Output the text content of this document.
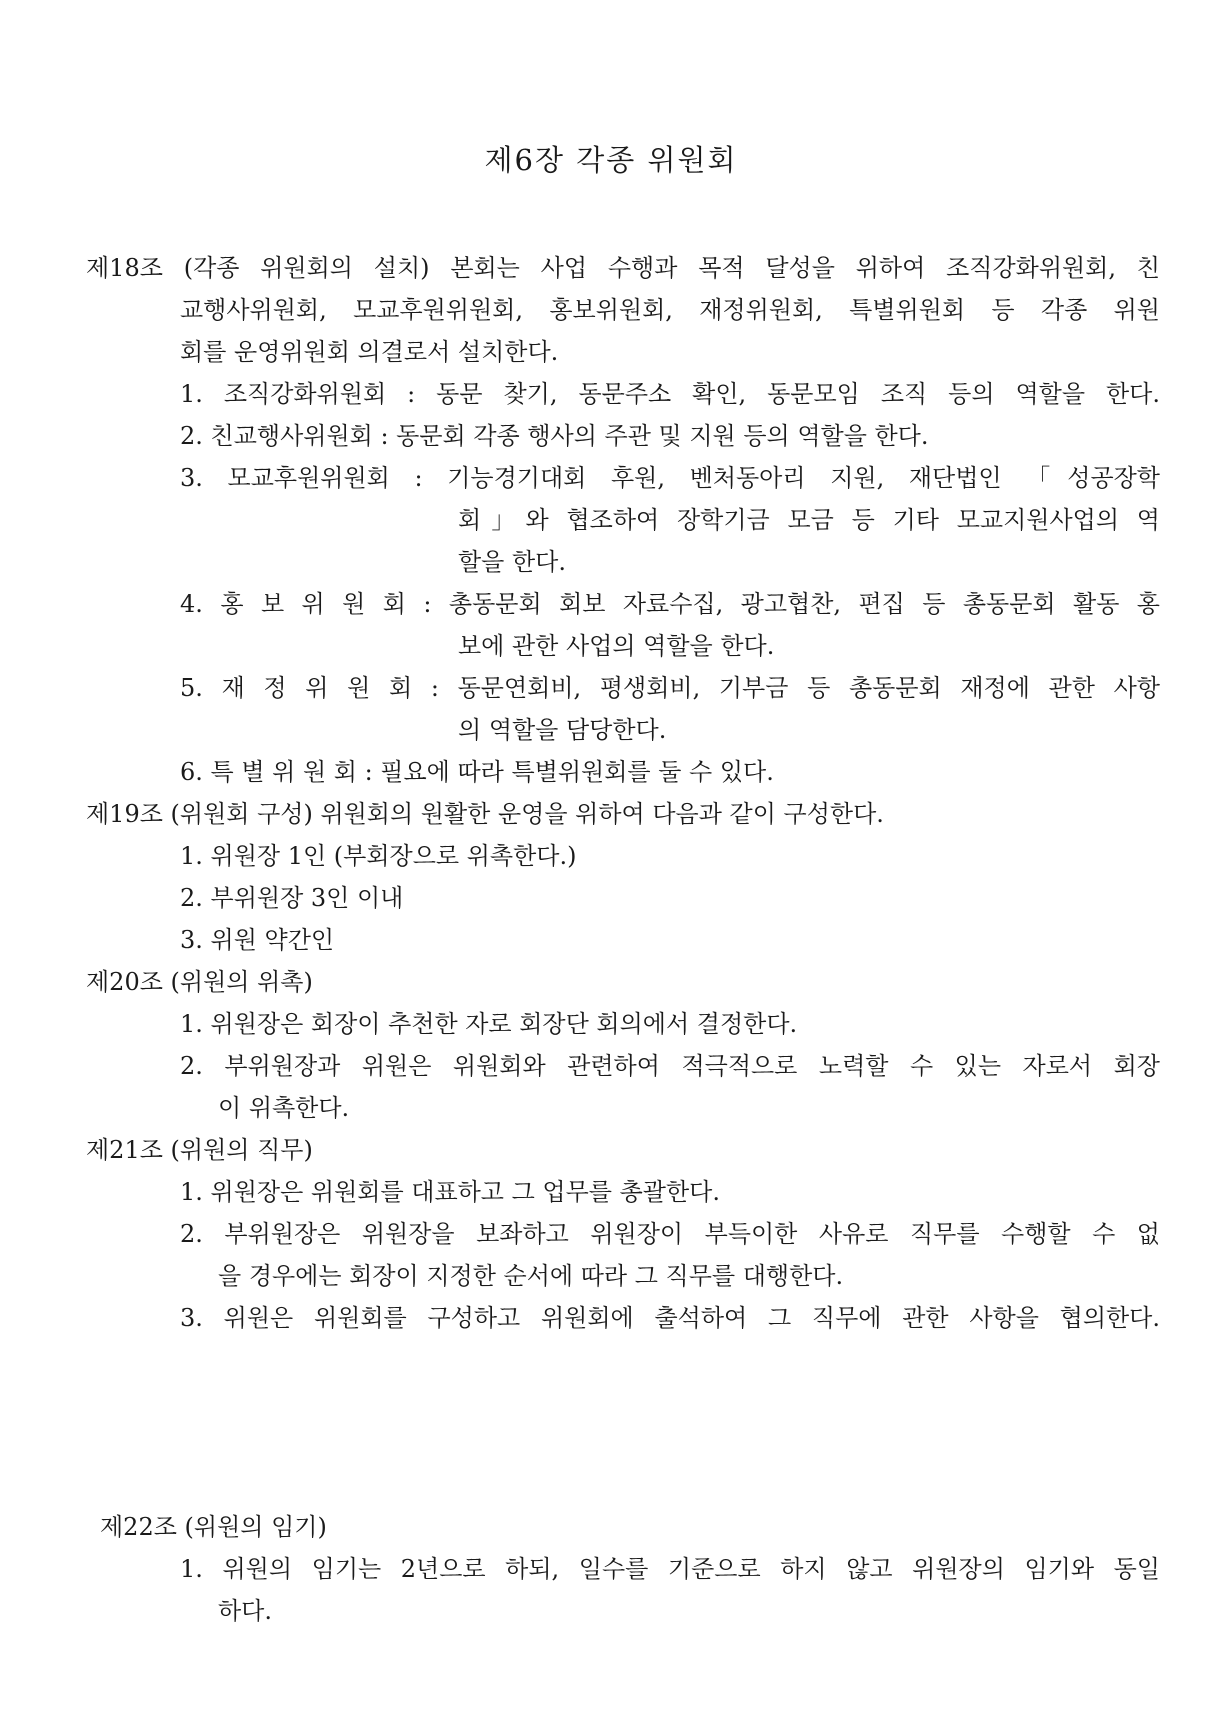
제6장 각종 위원회
제18조 (각종 위원회의 설치) 본회는 사업 수행과 목적 달성을 위하여 조직강화위원회, 친
교행사위원회, 모교후원위원회, 홍보위원회, 재정위원회, 특별위원회 등 각종 위원
회를 운영위원회 의결로서 설치한다.
1. 조직강화위원회 : 동문 찾기, 동문주소 확인, 동문모임 조직 등의 역할을 한다.
2. 친교행사위원회 : 동문회 각종 행사의 주관 및 지원 등의 역할을 한다.
3. 모교후원위원회 : 기능경기대회 후원, 벤처동아리 지원, 재단법인 「성공장학
회」와 협조하여 장학기금 모금 등 기타 모교지원사업의 역
할을 한다.
4. 홍 보 위 원 회 : 총동문회 회보 자료수집, 광고협찬, 편집 등 총동문회 활동 홍
보에 관한 사업의 역할을 한다.
5. 재 정 위 원 회 : 동문연회비, 평생회비, 기부금 등 총동문회 재정에 관한 사항
의 역할을 담당한다.
6. 특 별 위 원 회 : 필요에 따라 특별위원회를 둘 수 있다.
제19조 (위원회 구성) 위원회의 원활한 운영을 위하여 다음과 같이 구성한다.
1. 위원장 1인 (부회장으로 위촉한다.)
2. 부위원장 3인 이내
3. 위원 약간인
제20조 (위원의 위촉)
1. 위원장은 회장이 추천한 자로 회장단 회의에서 결정한다.
2. 부위원장과 위원은 위원회와 관련하여 적극적으로 노력할 수 있는 자로서 회장
이 위촉한다.
제21조 (위원의 직무)
1. 위원장은 위원회를 대표하고 그 업무를 총괄한다.
2. 부위원장은 위원장을 보좌하고 위원장이 부득이한 사유로 직무를 수행할 수 없
을 경우에는 회장이 지정한 순서에 따라 그 직무를 대행한다.
3. 위원은 위원회를 구성하고 위원회에 출석하여 그 직무에 관한 사항을 협의한다.
제22조 (위원의 임기)
1. 위원의 임기는 2년으로 하되, 일수를 기준으로 하지 않고 위원장의 임기와 동일
하다.
